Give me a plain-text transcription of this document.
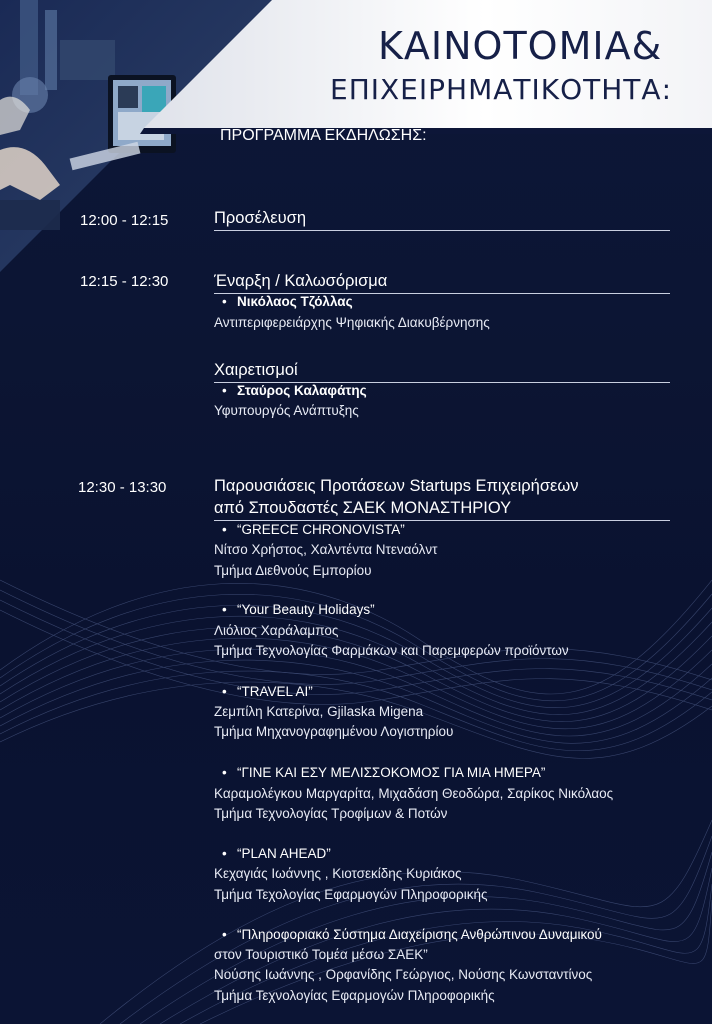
ΚΑΙΝΟΤΟΜΙΑ&
ΕΠΙΧΕΙΡΗΜΑΤΙΚΟΤΗΤΑ:
ΠΡΟΓΡΑΜΜΑ ΕΚΔΗΛΩΣΗΣ:
12:00 - 12:15	Προσέλευση
12:15 - 12:30	Έναρξη / Καλωσόρισμα
• Νικόλαος Τζόλλας
Αντιπεριφερειάρχης Ψηφιακής Διακυβέρνησης
Χαιρετισμοί
• Σταύρος Καλαφάτης
Υφυπουργός Ανάπτυξης
12:30 - 13:30	Παρουσιάσεις Προτάσεων Startups Επιχειρήσεων
από Σπουδαστές ΣΑΕΚ ΜΟΝΑΣΤΗΡΙΟΥ
• “GREECE CHRONOVISTA”
Νίτσο Χρήστος, Χαλντέντα Ντεναόλντ
Τμήμα Διεθνούς Εμπορίου
• “Your Beauty Holidays”
Λιόλιος Χαράλαμπος
Τμήμα Τεχνολογίας Φαρμάκων και Παρεμφερών προϊόντων
• “TRAVEL AI”
Ζεμπίλη Κατερίνα, Gjilaska Migena
Τμήμα Μηχανογραφημένου Λογιστηρίου
• “ΓΙΝΕ ΚΑΙ ΕΣΥ ΜΕΛΙΣΣΟΚΟΜΟΣ ΓΙΑ ΜΙΑ ΗΜΕΡΑ”
Καραμολέγκου Μαργαρίτα, Μιχαδάση Θεοδώρα, Σαρίκος Νικόλαος
Τμήμα Τεχνολογίας Τροφίμων & Ποτών
• “PLAN AHEAD”
Κεχαγιάς Ιωάννης , Κιοτσεκίδης Κυριάκος
Τμήμα Τεχολογίας Εφαρμογών Πληροφορικής
• “Πληροφοριακό Σύστημα Διαχείρισης Ανθρώπινου Δυναμικού
στον Τουριστικό Τομέα μέσω ΣΑΕΚ”
Νούσης Ιωάννης , Ορφανίδης Γεώργιος, Νούσης Κωνσταντίνος
Τμήμα Τεχνολογίας Εφαρμογών Πληροφορικής
